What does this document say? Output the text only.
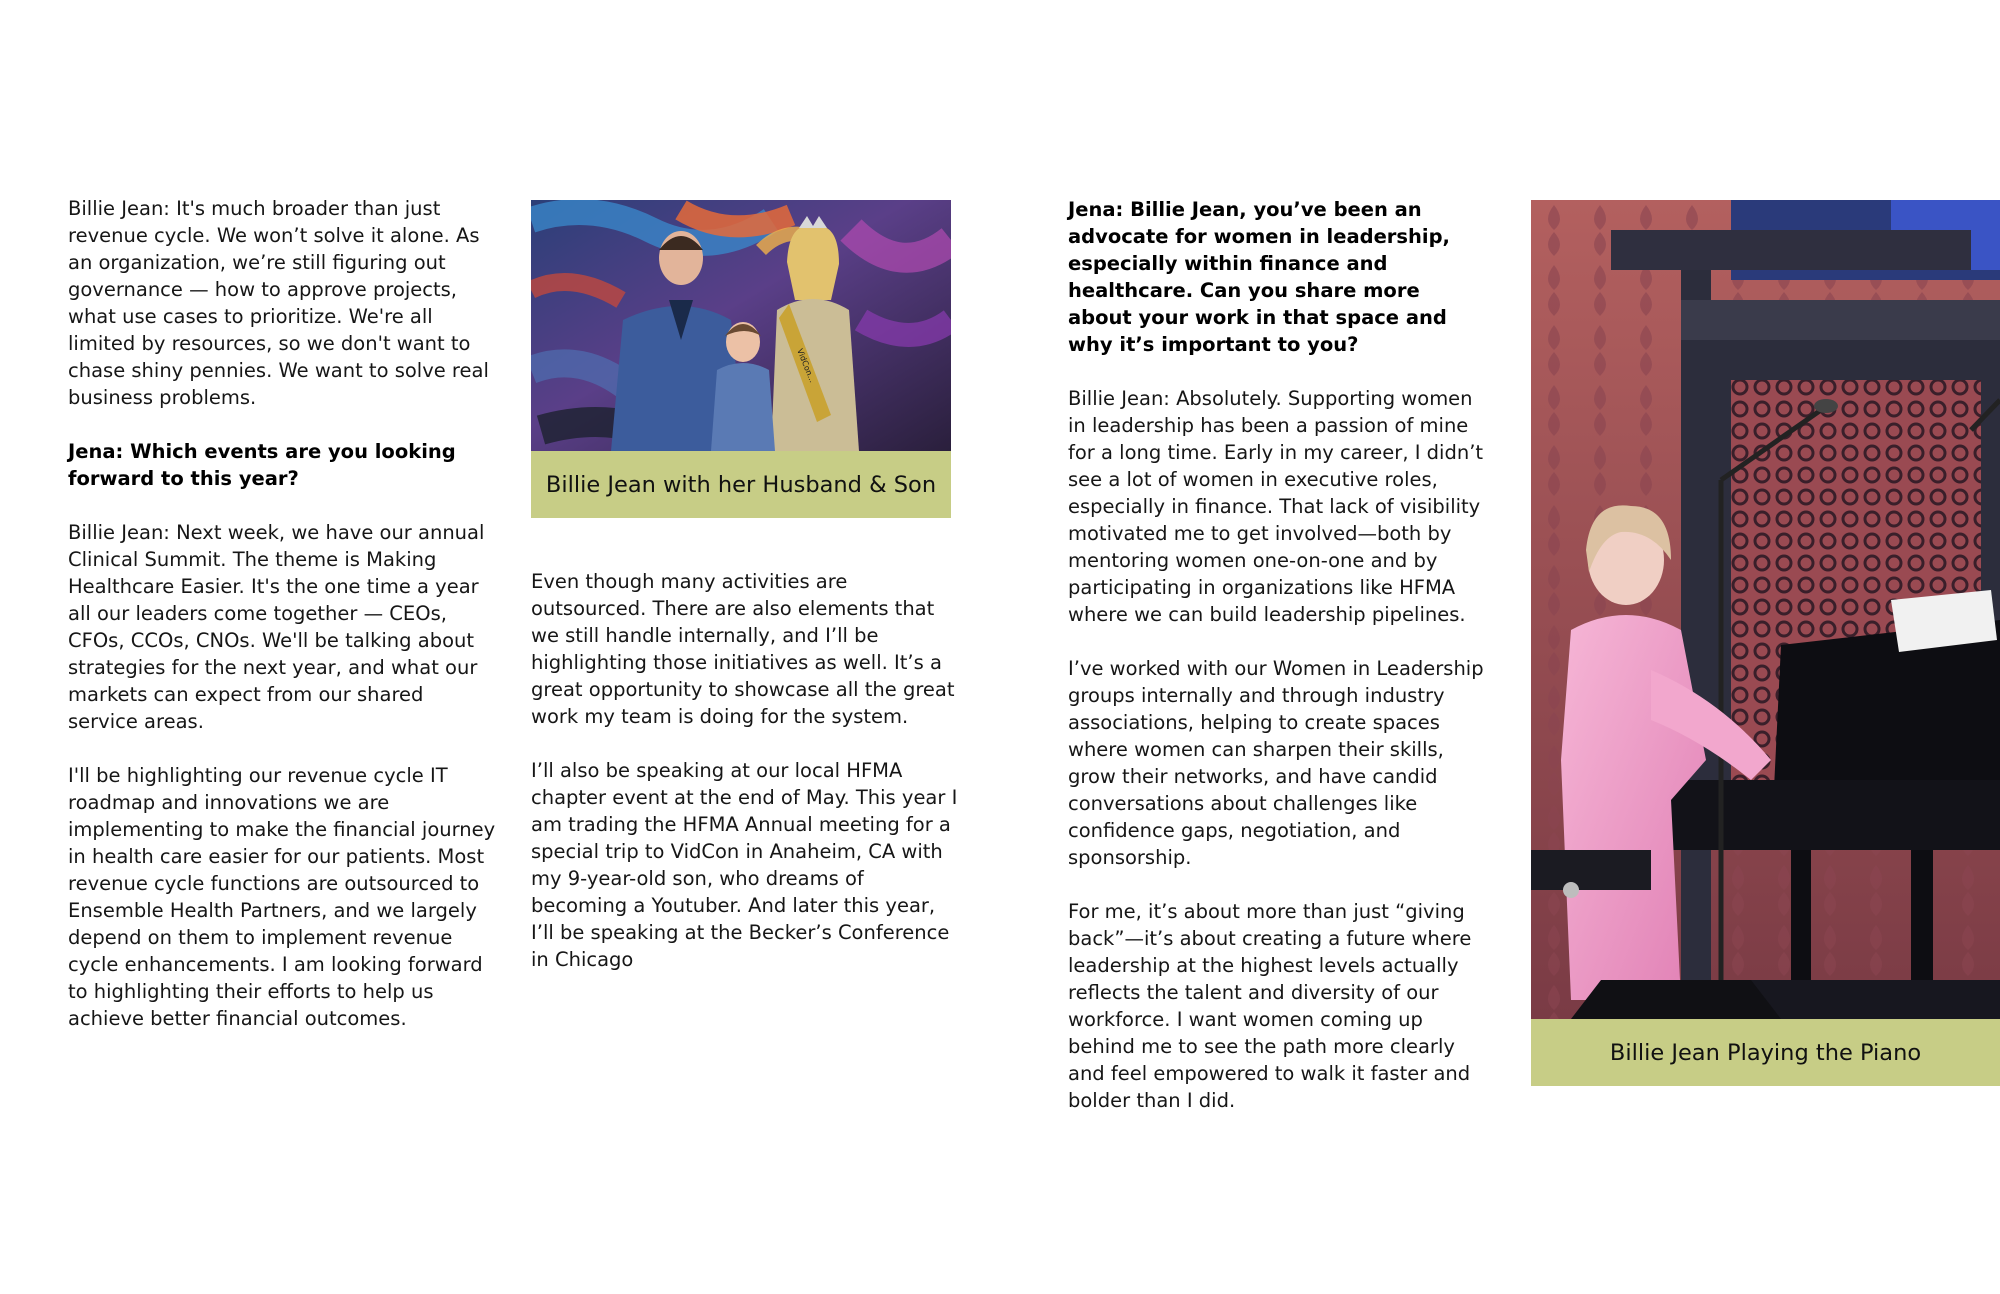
Billie Jean: It's much broader than just revenue cycle. We won’t solve it alone. As an organization, we’re still figuring out governance — how to approve projects, what use cases to prioritize. We're all limited by resources, so we don't want to chase shiny pennies. We want to solve real business problems.

Jena: Which events are you looking forward to this year?

Billie Jean: Next week, we have our annual Clinical Summit. The theme is Making Healthcare Easier. It's the one time a year all our leaders come together — CEOs, CFOs, CCOs, CNOs. We'll be talking about strategies for the next year, and what our markets can expect from our shared service areas.

I'll be highlighting our revenue cycle IT roadmap and innovations we are implementing to make the financial journey in health care easier for our patients. Most revenue cycle functions are outsourced to Ensemble Health Partners, and we largely depend on them to implement revenue cycle enhancements. I am looking forward to highlighting their efforts to help us achieve better financial outcomes.

VidCon...
Billie Jean with her Husband & Son

Even though many activities are outsourced. There are also elements that we still handle internally, and I’ll be highlighting those initiatives as well. It’s a great opportunity to showcase all the great work my team is doing for the system.

I’ll also be speaking at our local HFMA chapter event at the end of May. This year I am trading the HFMA Annual meeting for a special trip to VidCon in Anaheim, CA with my 9-year-old son, who dreams of becoming a Youtuber. And later this year, I’ll be speaking at the Becker’s Conference in Chicago

Jena: Billie Jean, you’ve been an advocate for women in leadership, especially within finance and healthcare. Can you share more about your work in that space and why it’s important to you?

Billie Jean: Absolutely. Supporting women in leadership has been a passion of mine for a long time. Early in my career, I didn’t see a lot of women in executive roles, especially in finance. That lack of visibility motivated me to get involved—both by mentoring women one-on-one and by participating in organizations like HFMA where we can build leadership pipelines.

I’ve worked with our Women in Leadership groups internally and through industry associations, helping to create spaces where women can sharpen their skills, grow their networks, and have candid conversations about challenges like confidence gaps, negotiation, and sponsorship.

For me, it’s about more than just “giving back”—it’s about creating a future where leadership at the highest levels actually reflects the talent and diversity of our workforce. I want women coming up behind me to see the path more clearly and feel empowered to walk it faster and bolder than I did.

Billie Jean Playing the Piano
